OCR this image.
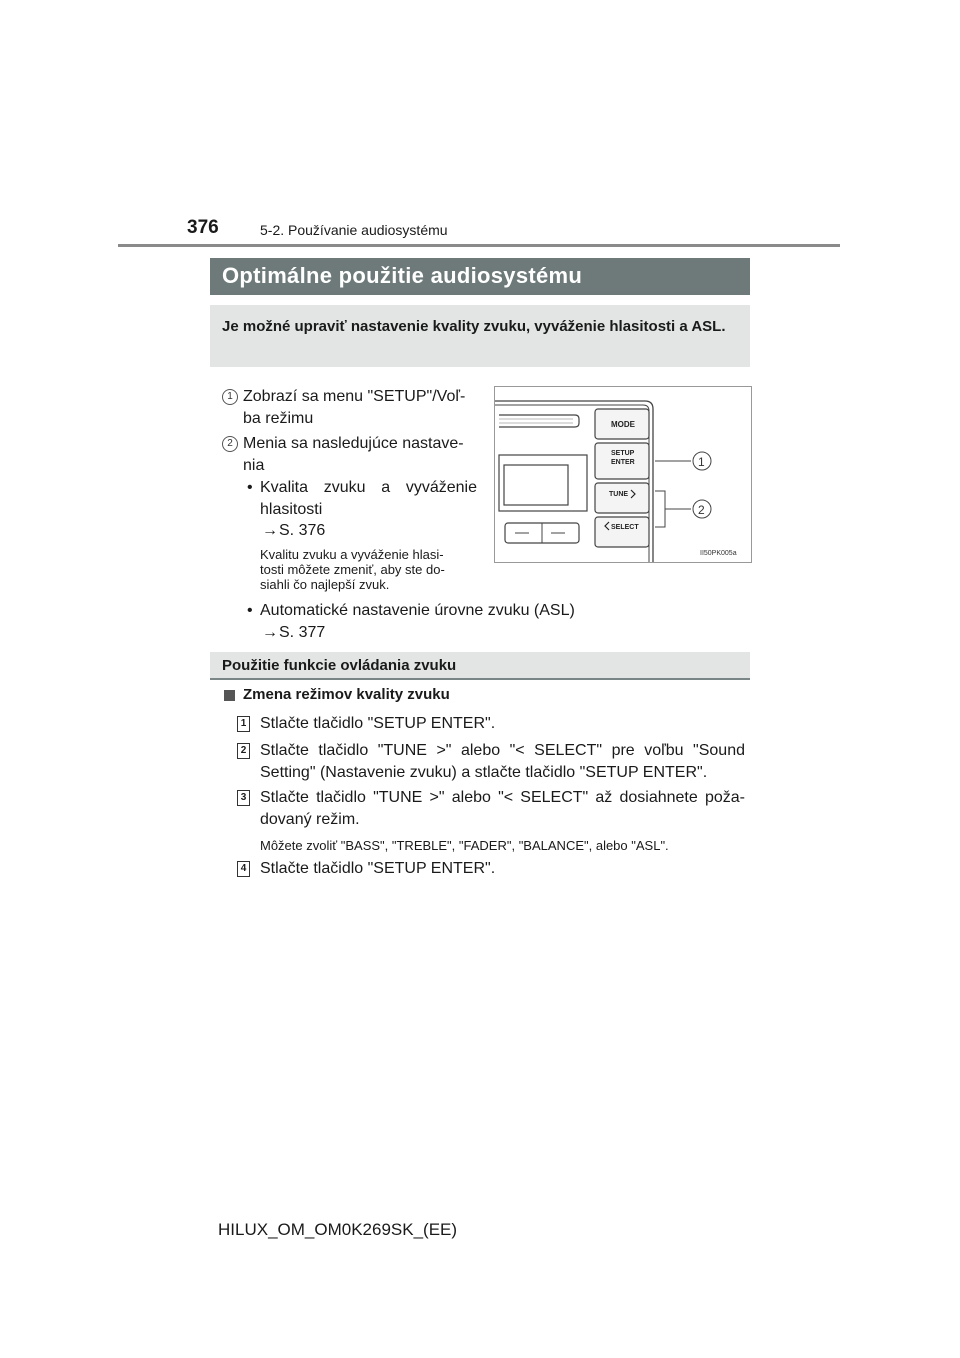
376	5-2. Používanie audiosystému
Optimálne použitie audiosystému
Je možné upraviť nastavenie kvality zvuku, vyváženie hlasitosti a ASL.
1 Zobrazí sa menu "SETUP"/Voľ-
ba režimu
2 Menia sa nasledujúce nastave-
nia
• Kvalita zvuku a vyváženie
hlasitosti
→ S. 376
Kvalitu zvuku a vyváženie hlasi-
tosti môžete zmeniť, aby ste do-
siahli čo najlepší zvuk.
• Automatické nastavenie úrovne zvuku (ASL)
→ S. 377
MODE
SETUP
ENTER
TUNE
SELECT
1
2
II50PK005a
Použitie funkcie ovládania zvuku
Zmena režimov kvality zvuku
1 Stlačte tlačidlo "SETUP ENTER".
2 Stlačte tlačidlo "TUNE >" alebo "< SELECT" pre voľbu "Sound
Setting" (Nastavenie zvuku) a stlačte tlačidlo "SETUP ENTER".
3 Stlačte tlačidlo "TUNE >" alebo "< SELECT" až dosiahnete poža-
dovaný režim.
Môžete zvoliť "BASS", "TREBLE", "FADER", "BALANCE", alebo "ASL".
4 Stlačte tlačidlo "SETUP ENTER".
HILUX_OM_OM0K269SK_(EE)
